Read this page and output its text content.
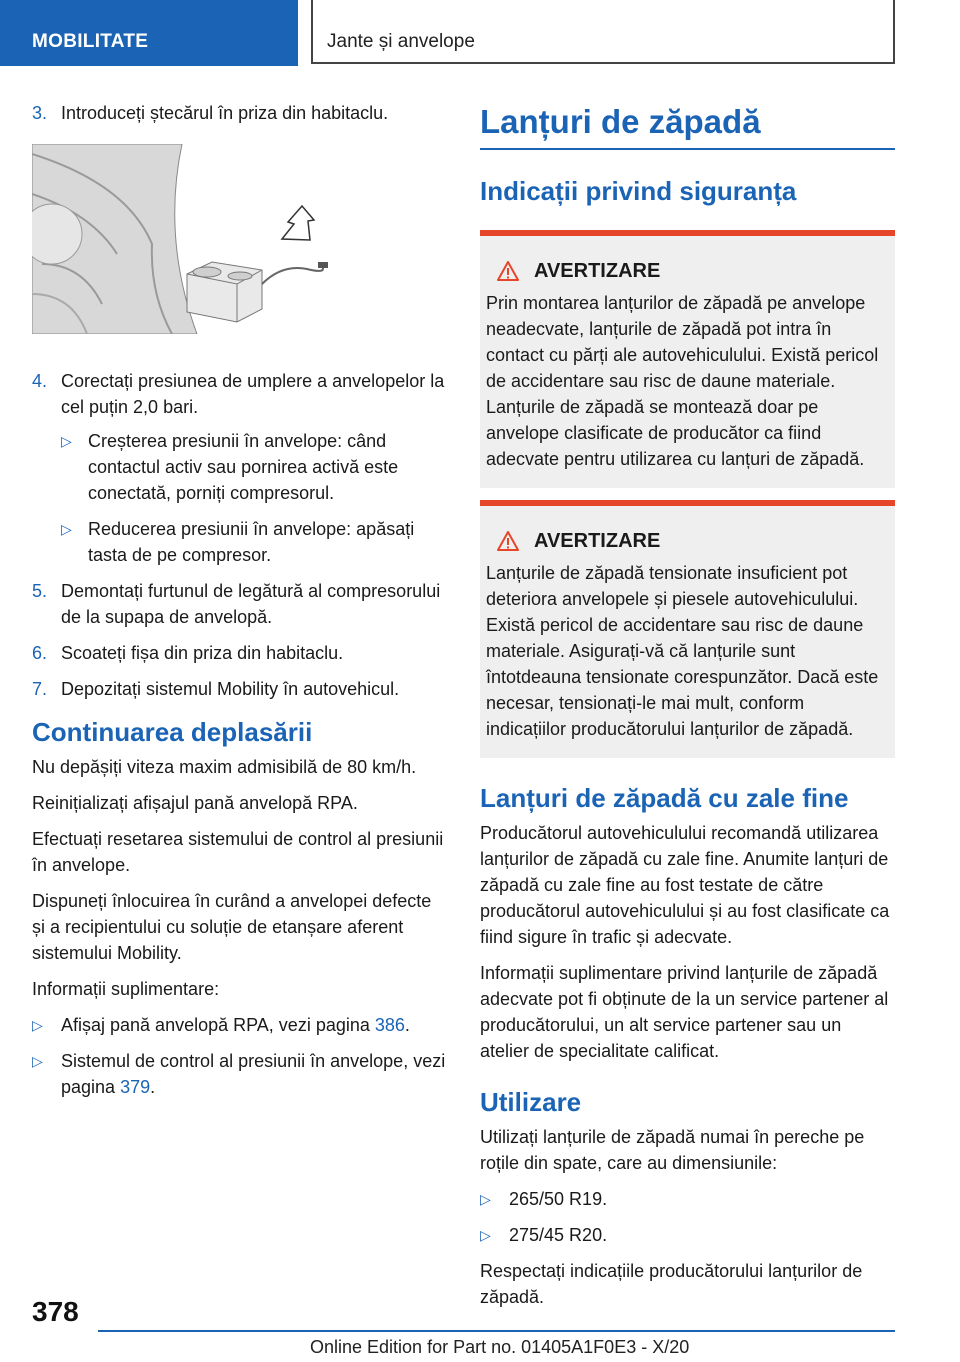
MOBILITATE	Jante și anvelope
3. Introduceți ștecărul în priza din habitaclu.
4. Corectați presiunea de umplere a anvelopelor la cel puțin 2,0 bari.
▷ Creșterea presiunii în anvelope: când contactul activ sau pornirea activă este conectată, porniți compresorul.
▷ Reducerea presiunii în anvelope: apăsați tasta de pe compresor.
5. Demontați furtunul de legătură al compresorului de la supapa de anvelopă.
6. Scoateți fișa din priza din habitaclu.
7. Depozitați sistemul Mobility în autovehicul.
Continuarea deplasării

Nu depășiți viteza maxim admisibilă de 80 km/h.

Reinițializați afișajul pană anvelopă RPA.

Efectuați resetarea sistemului de control al presiunii în anvelope.

Dispuneți înlocuirea în curând a anvelopei defecte și a recipientului cu soluție de etanșare aferent sistemului Mobility.

Informații suplimentare:

▷ Afișaj pană anvelopă RPA, vezi pagina 386.
▷ Sistemul de control al presiunii în anvelope, vezi pagina 379.
Lanțuri de zăpadă
Indicații privind siguranța
AVERTIZARE

Prin montarea lanțurilor de zăpadă pe anvelope neadecvate, lanțurile de zăpadă pot intra în contact cu părți ale autovehiculului. Există pericol de accidentare sau risc de daune materiale. Lanțurile de zăpadă se montează doar pe anvelope clasificate de producător ca fiind adecvate pentru utilizarea cu lanțuri de zăpadă.

AVERTIZARE

Lanțurile de zăpadă tensionate insuficient pot deteriora anvelopele și piesele autovehiculului. Există pericol de accidentare sau risc de daune materiale. Asigurați-vă că lanțurile sunt întotdeauna tensionate corespunzător. Dacă este necesar, tensionați-le mai mult, conform indicațiilor producătorului lanțurilor de zăpadă.

Lanțuri de zăpadă cu zale fine

Producătorul autovehiculului recomandă utilizarea lanțurilor de zăpadă cu zale fine. Anumite lanțuri de zăpadă cu zale fine au fost testate de către producătorul autovehiculului și au fost clasificate ca fiind sigure în trafic și adecvate.

Informații suplimentare privind lanțurile de zăpadă adecvate pot fi obținute de la un service partener al producătorului, un alt service partener sau un atelier de specialitate calificat.

Utilizare

Utilizați lanțurile de zăpadă numai în pereche pe roțile din spate, care au dimensiunile:

▷ 265/50 R19.
▷ 275/45 R20.

Respectați indicațiile producătorului lanțurilor de zăpadă.

378
Online Edition for Part no. 01405A1F0E3 - X/20
